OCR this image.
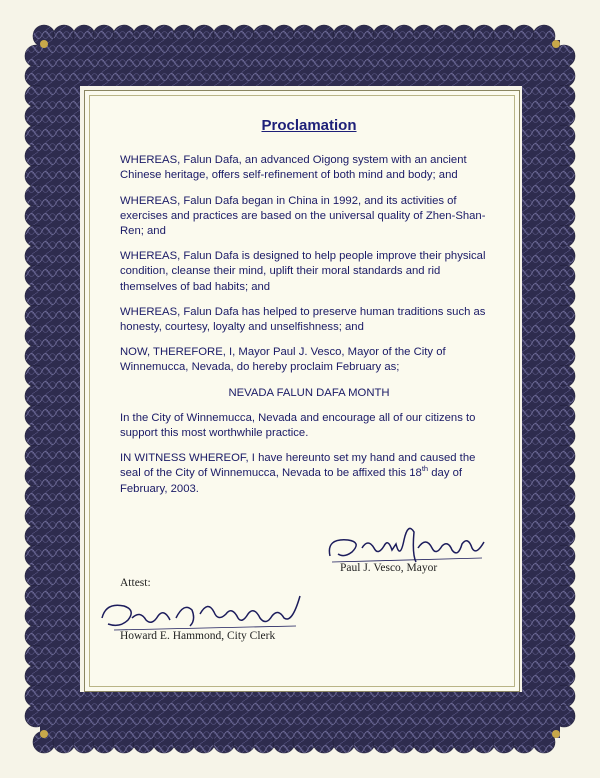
Proclamation

WHEREAS, Falun Dafa, an advanced Oigong system with an ancient Chinese heritage, offers self-refinement of both mind and body; and

WHEREAS, Falun Dafa began in China in 1992, and its activities of exercises and practices are based on the universal quality of Zhen-Shan-Ren; and

WHEREAS, Falun Dafa is designed to help people improve their physical condition, cleanse their mind, uplift their moral standards and rid themselves of bad habits; and

WHEREAS, Falun Dafa has helped to preserve human traditions such as honesty, courtesy, loyalty and unselfishness; and

NOW, THEREFORE, I, Mayor Paul J. Vesco, Mayor of the City of Winnemucca, Nevada, do hereby proclaim February as;

NEVADA FALUN DAFA MONTH

In the City of Winnemucca, Nevada and encourage all of our citizens to support this most worthwhile practice.

IN WITNESS WHEREOF, I have hereunto set my hand and caused the seal of the City of Winnemucca, Nevada to be affixed this 18th day of February, 2003.

Paul J. Vesco, Mayor
Attest:
Howard E. Hammond, City Clerk
